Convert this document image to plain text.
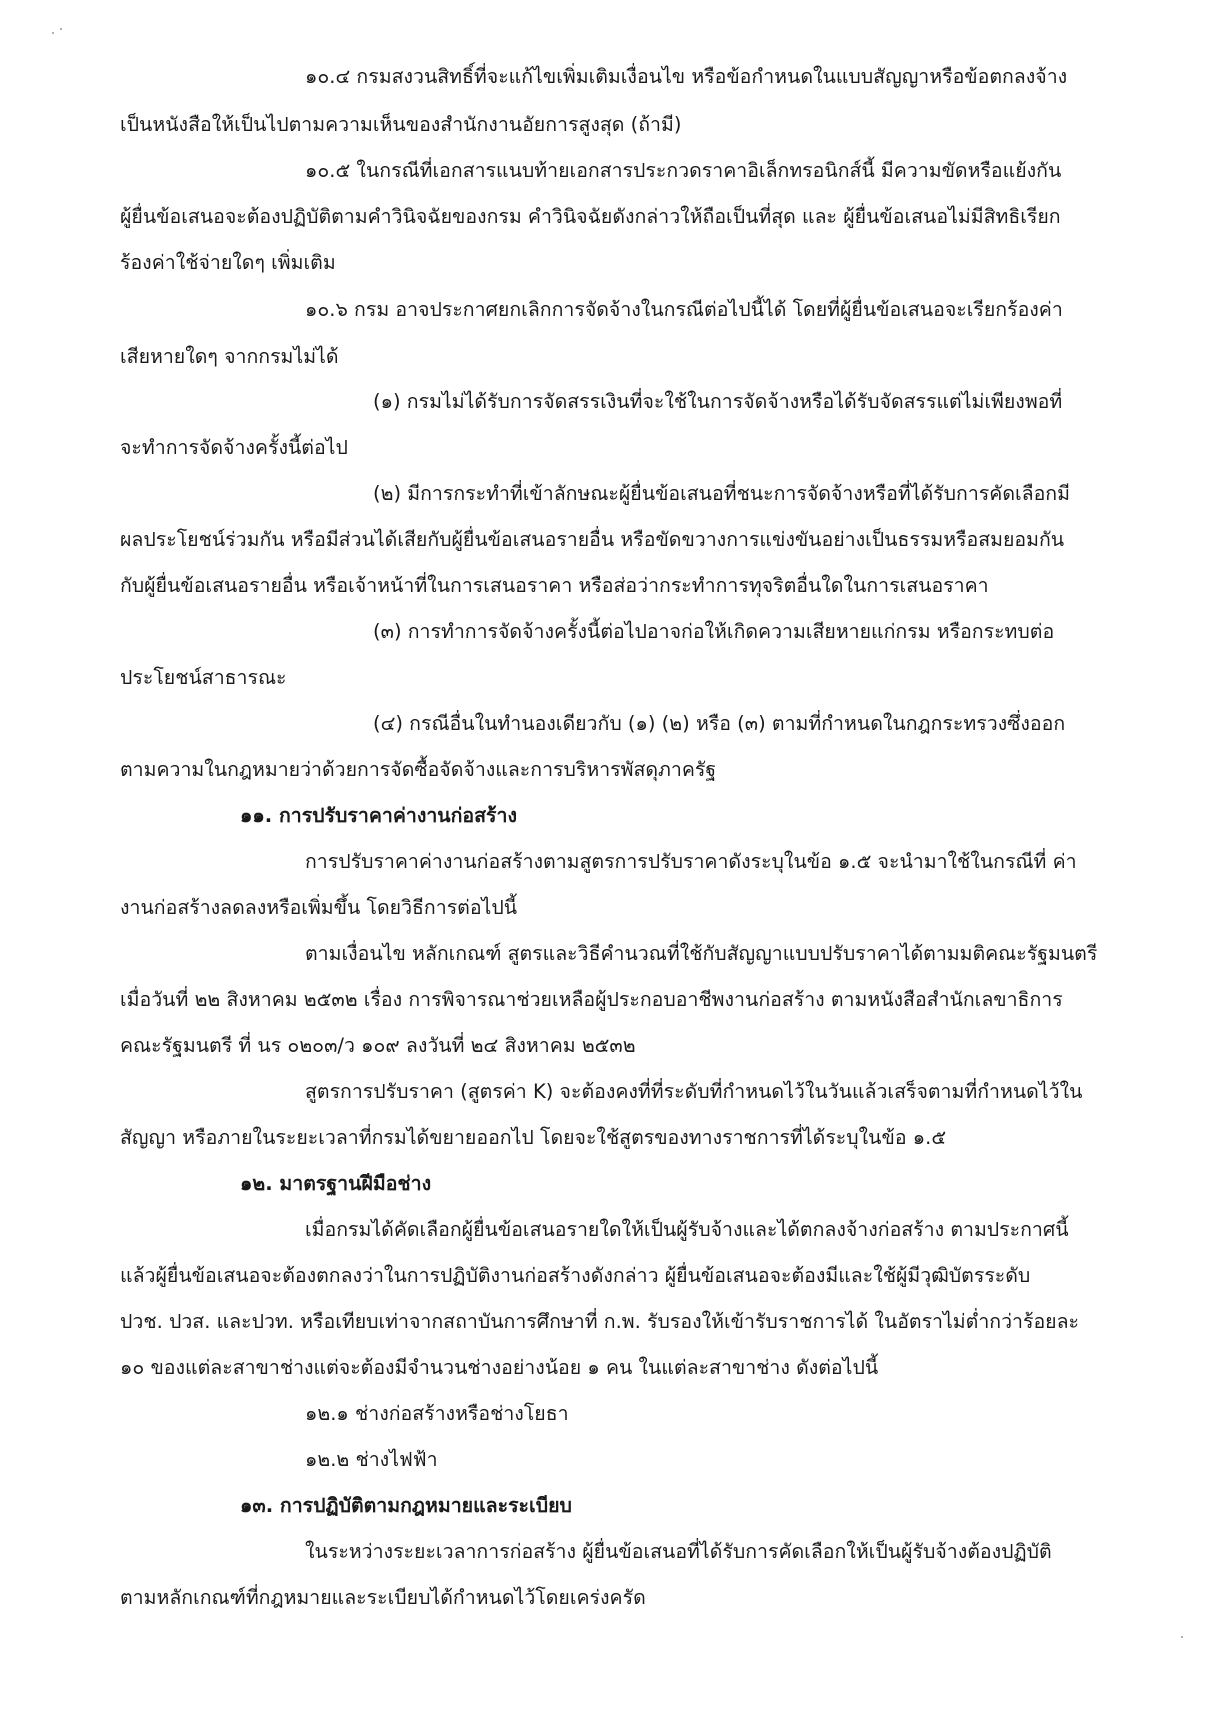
๑๐.๔ กรมสงวนสิทธิ์ที่จะแก้ไขเพิ่มเติมเงื่อนไข หรือข้อกำหนดในแบบสัญญาหรือข้อตกลงจ้าง
เป็นหนังสือให้เป็นไปตามความเห็นของสำนักงานอัยการสูงสุด (ถ้ามี)
๑๐.๕ ในกรณีที่เอกสารแนบท้ายเอกสารประกวดราคาอิเล็กทรอนิกส์นี้ มีความขัดหรือแย้งกัน
ผู้ยื่นข้อเสนอจะต้องปฏิบัติตามคำวินิจฉัยของกรม คำวินิจฉัยดังกล่าวให้ถือเป็นที่สุด และ ผู้ยื่นข้อเสนอไม่มีสิทธิเรียก
ร้องค่าใช้จ่ายใดๆ เพิ่มเติม
๑๐.๖ กรม อาจประกาศยกเลิกการจัดจ้างในกรณีต่อไปนี้ได้ โดยที่ผู้ยื่นข้อเสนอจะเรียกร้องค่า
เสียหายใดๆ จากกรมไม่ได้
(๑) กรมไม่ได้รับการจัดสรรเงินที่จะใช้ในการจัดจ้างหรือได้รับจัดสรรแต่ไม่เพียงพอที่
จะทำการจัดจ้างครั้งนี้ต่อไป
(๒) มีการกระทำที่เข้าลักษณะผู้ยื่นข้อเสนอที่ชนะการจัดจ้างหรือที่ได้รับการคัดเลือกมี
ผลประโยชน์ร่วมกัน หรือมีส่วนได้เสียกับผู้ยื่นข้อเสนอรายอื่น หรือขัดขวางการแข่งขันอย่างเป็นธรรมหรือสมยอมกัน
กับผู้ยื่นข้อเสนอรายอื่น หรือเจ้าหน้าที่ในการเสนอราคา หรือส่อว่ากระทำการทุจริตอื่นใดในการเสนอราคา
(๓) การทำการจัดจ้างครั้งนี้ต่อไปอาจก่อให้เกิดความเสียหายแก่กรม หรือกระทบต่อ
ประโยชน์สาธารณะ
(๔) กรณีอื่นในทำนองเดียวกับ (๑) (๒) หรือ (๓) ตามที่กำหนดในกฎกระทรวงซึ่งออก
ตามความในกฎหมายว่าด้วยการจัดซื้อจัดจ้างและการบริหารพัสดุภาครัฐ
๑๑. การปรับราคาค่างานก่อสร้าง
การปรับราคาค่างานก่อสร้างตามสูตรการปรับราคาดังระบุในข้อ ๑.๕ จะนำมาใช้ในกรณีที่ ค่า
งานก่อสร้างลดลงหรือเพิ่มขึ้น โดยวิธีการต่อไปนี้
ตามเงื่อนไข หลักเกณฑ์ สูตรและวิธีคำนวณที่ใช้กับสัญญาแบบปรับราคาได้ตามมติคณะรัฐมนตรี
เมื่อวันที่ ๒๒ สิงหาคม ๒๕๓๒ เรื่อง การพิจารณาช่วยเหลือผู้ประกอบอาชีพงานก่อสร้าง ตามหนังสือสำนักเลขาธิการ
คณะรัฐมนตรี ที่ นร ๐๒๐๓/ว ๑๐๙ ลงวันที่ ๒๔ สิงหาคม ๒๕๓๒
สูตรการปรับราคา (สูตรค่า K) จะต้องคงที่ที่ระดับที่กำหนดไว้ในวันแล้วเสร็จตามที่กำหนดไว้ใน
สัญญา หรือภายในระยะเวลาที่กรมได้ขยายออกไป โดยจะใช้สูตรของทางราชการที่ได้ระบุในข้อ ๑.๕
๑๒. มาตรฐานฝีมือช่าง
เมื่อกรมได้คัดเลือกผู้ยื่นข้อเสนอรายใดให้เป็นผู้รับจ้างและได้ตกลงจ้างก่อสร้าง ตามประกาศนี้
แล้วผู้ยื่นข้อเสนอจะต้องตกลงว่าในการปฏิบัติงานก่อสร้างดังกล่าว ผู้ยื่นข้อเสนอจะต้องมีและใช้ผู้มีวุฒิบัตรระดับ
ปวช. ปวส. และปวท. หรือเทียบเท่าจากสถาบันการศึกษาที่ ก.พ. รับรองให้เข้ารับราชการได้ ในอัตราไม่ต่ำกว่าร้อยละ
๑๐ ของแต่ละสาขาช่างแต่จะต้องมีจำนวนช่างอย่างน้อย ๑ คน ในแต่ละสาขาช่าง ดังต่อไปนี้
๑๒.๑ ช่างก่อสร้างหรือช่างโยธา
๑๒.๒ ช่างไฟฟ้า
๑๓. การปฏิบัติตามกฎหมายและระเบียบ
ในระหว่างระยะเวลาการก่อสร้าง ผู้ยื่นข้อเสนอที่ได้รับการคัดเลือกให้เป็นผู้รับจ้างต้องปฏิบัติ
ตามหลักเกณฑ์ที่กฎหมายและระเบียบได้กำหนดไว้โดยเคร่งครัด
